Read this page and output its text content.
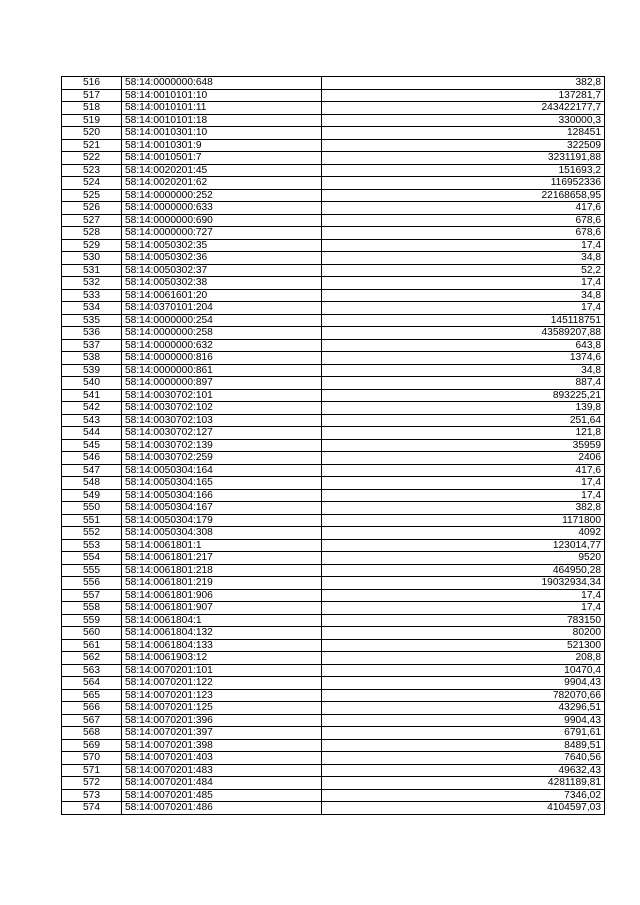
516	58:14:0000000:648	382,8
517	58:14:0010101:10	137281,7
518	58:14:0010101:11	243422177,7
519	58:14:0010101:18	330000,3
520	58:14:0010301:10	128451
521	58:14:0010301:9	322509
522	58:14:0010501:7	3231191,88
523	58:14:0020201:45	151693,2
524	58:14:0020201:62	116952336
525	58:14:0000000:252	22168658,95
526	58:14:0000000:633	417,6
527	58:14:0000000:690	678,6
528	58:14:0000000:727	678,6
529	58:14:0050302:35	17,4
530	58:14:0050302:36	34,8
531	58:14:0050302:37	52,2
532	58:14:0050302:38	17,4
533	58:14:0061601:20	34,8
534	58:14:0370101:204	17,4
535	58:14:0000000:254	145118751
536	58:14:0000000:258	43589207,88
537	58:14:0000000:632	643,8
538	58:14:0000000:816	1374,6
539	58:14:0000000:861	34,8
540	58:14:0000000:897	887,4
541	58:14:0030702:101	893225,21
542	58:14:0030702:102	139,8
543	58:14:0030702:103	251,64
544	58:14:0030702:127	121,8
545	58:14:0030702:139	35959
546	58:14:0030702:259	2406
547	58:14:0050304:164	417,6
548	58:14:0050304:165	17,4
549	58:14:0050304:166	17,4
550	58:14:0050304:167	382,8
551	58:14:0050304:179	1171800
552	58:14:0050304:308	4092
553	58:14:0061801:1	123014,77
554	58:14:0061801:217	9520
555	58:14:0061801:218	464950,28
556	58:14:0061801:219	19032934,34
557	58:14:0061801:906	17,4
558	58:14:0061801:907	17,4
559	58:14:0061804:1	783150
560	58:14:0061804:132	80200
561	58:14:0061804:133	521300
562	58:14:0061903:12	208,8
563	58:14:0070201:101	10470,4
564	58:14:0070201:122	9904,43
565	58:14:0070201:123	782070,66
566	58:14:0070201:125	43296,51
567	58:14:0070201:396	9904,43
568	58:14:0070201:397	6791,61
569	58:14:0070201:398	8489,51
570	58:14:0070201:403	7640,56
571	58:14:0070201:483	49632,43
572	58:14:0070201:484	4281189,81
573	58:14:0070201:485	7346,02
574	58:14:0070201:486	4104597,03
